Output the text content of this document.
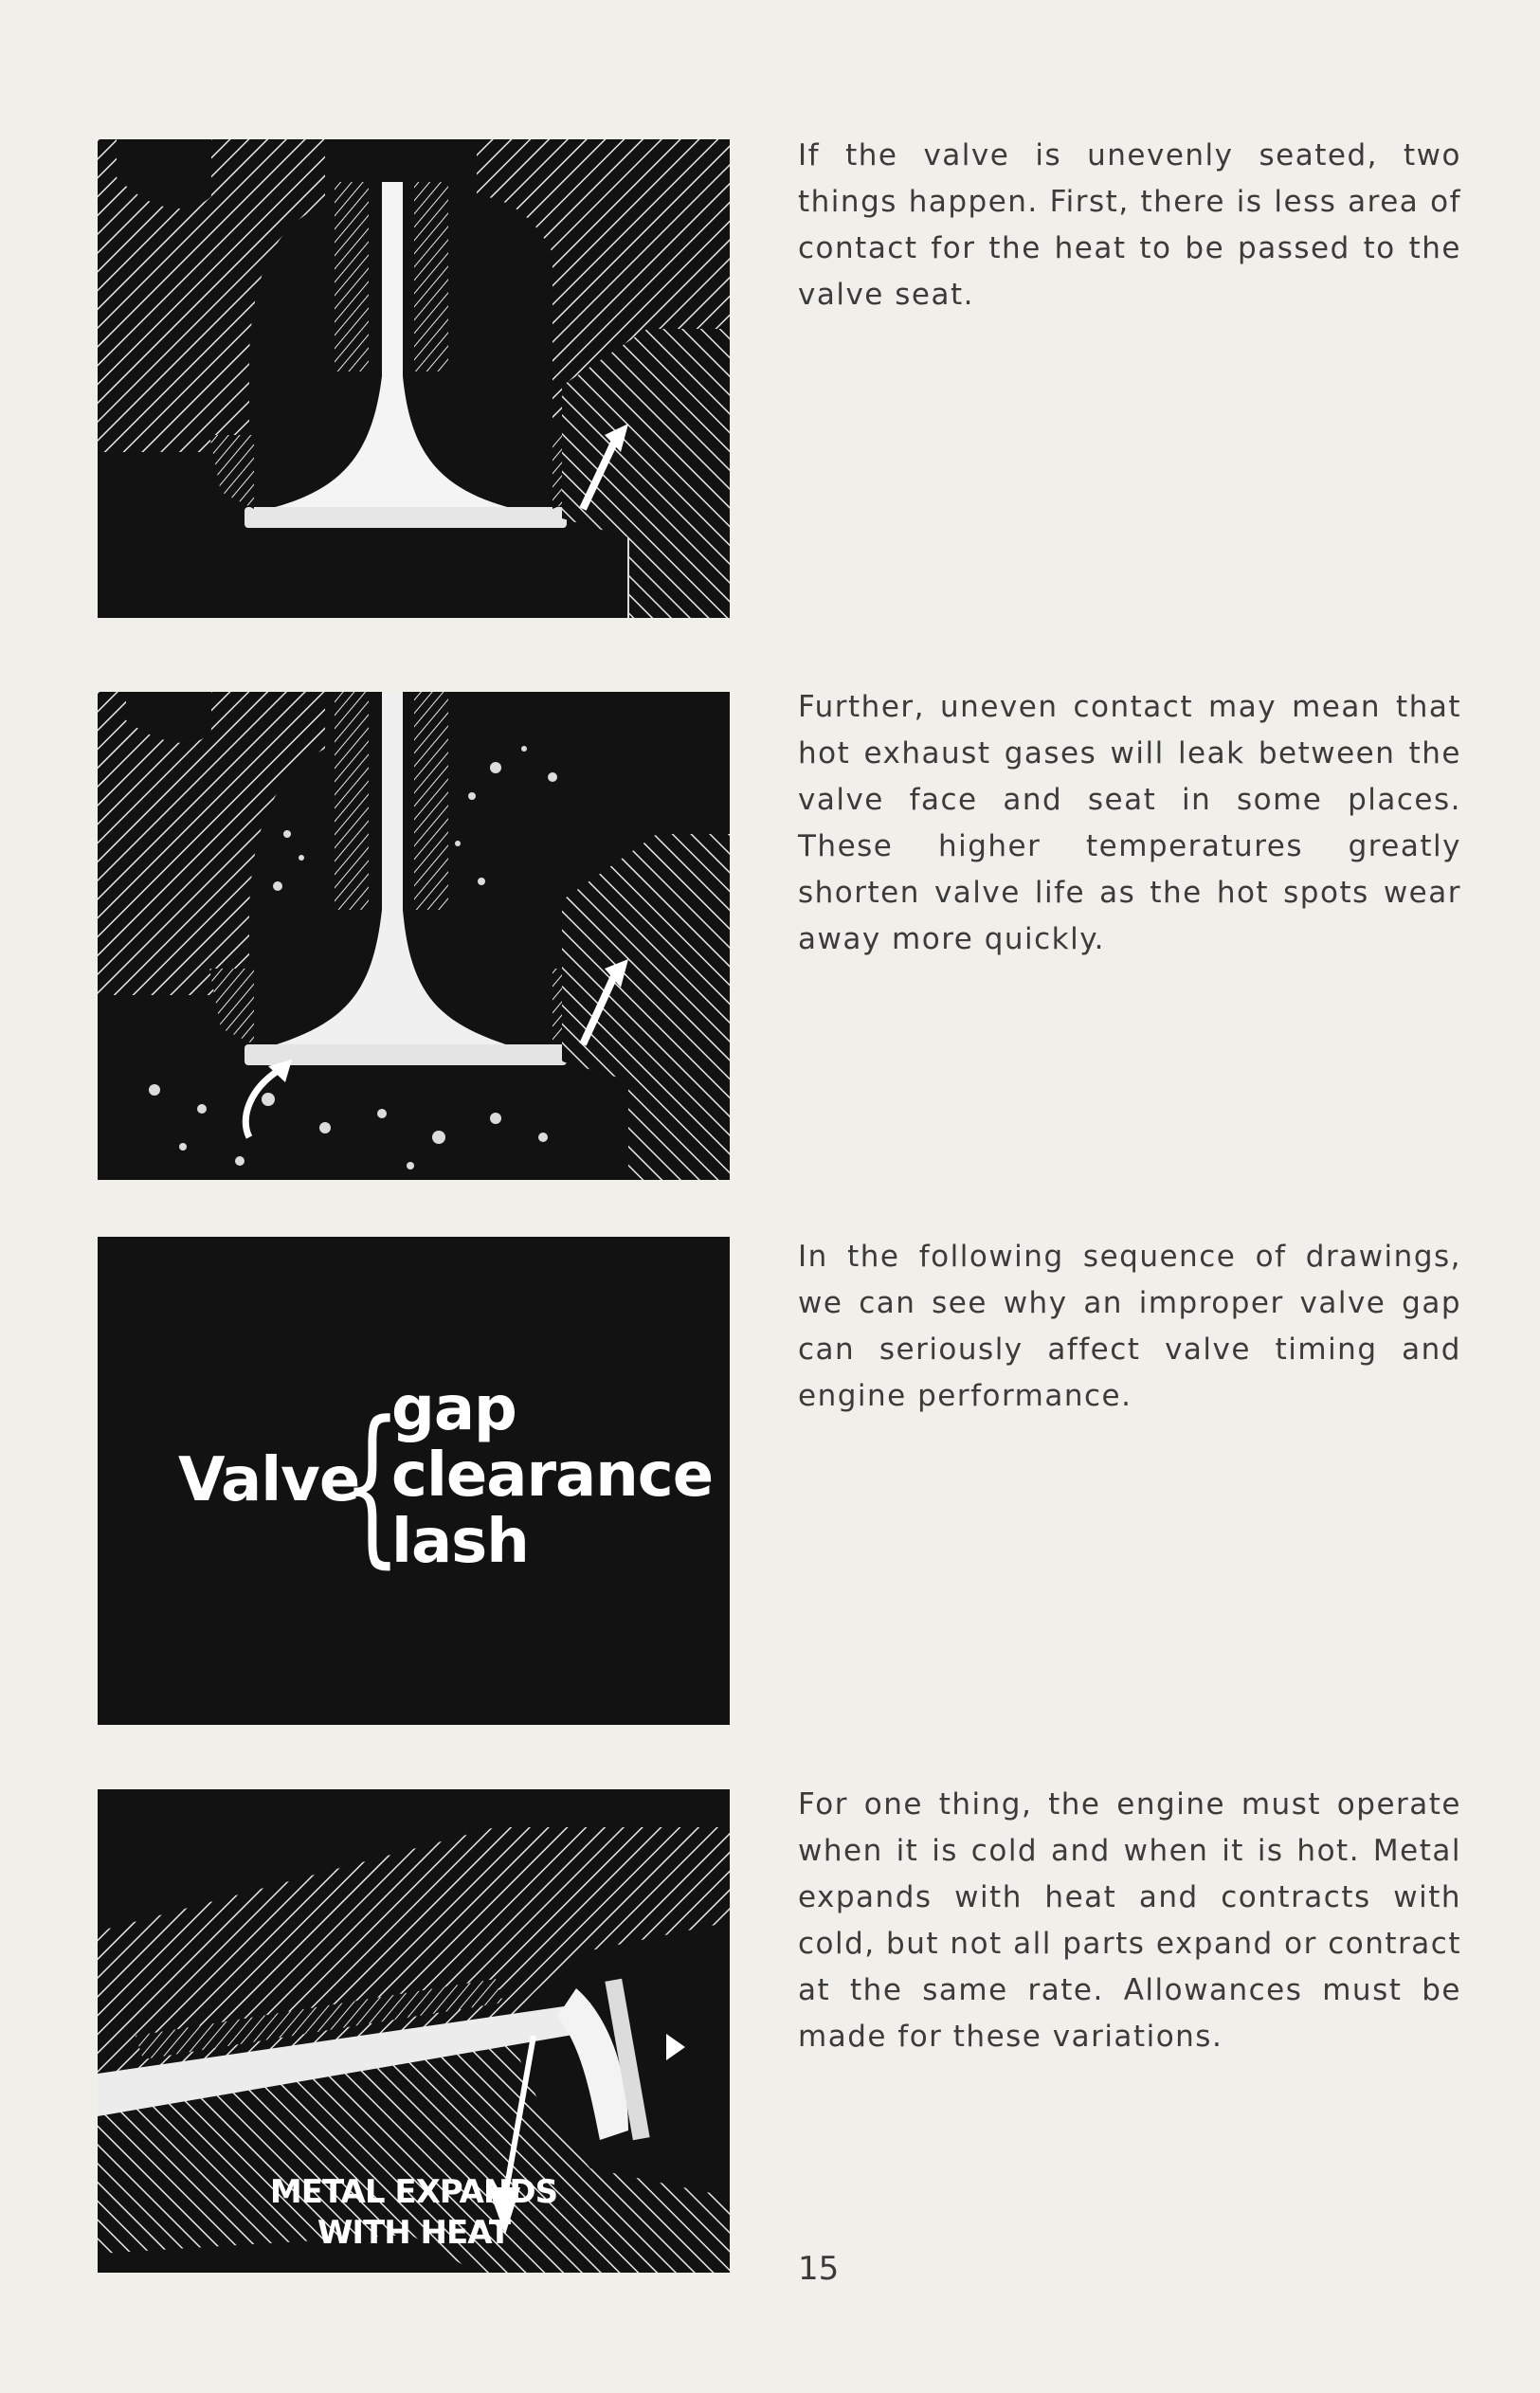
If the valve is unevenly seated, two things happen. First, there is less area of contact for the heat to be passed to the valve seat.

Further, uneven contact may mean that hot exhaust gases will leak between the valve face and seat in some places. These higher temperatures greatly shorten valve life as the hot spots wear away more quickly.

Valve
{
gap
clearance
lash

In the following sequence of drawings, we can see why an improper valve gap can seriously affect valve timing and engine performance.

METAL EXPANDS
WITH HEAT

For one thing, the engine must operate when it is cold and when it is hot. Metal expands with heat and contracts with cold, but not all parts expand or contract at the same rate. Allowances must be made for these variations.

15
